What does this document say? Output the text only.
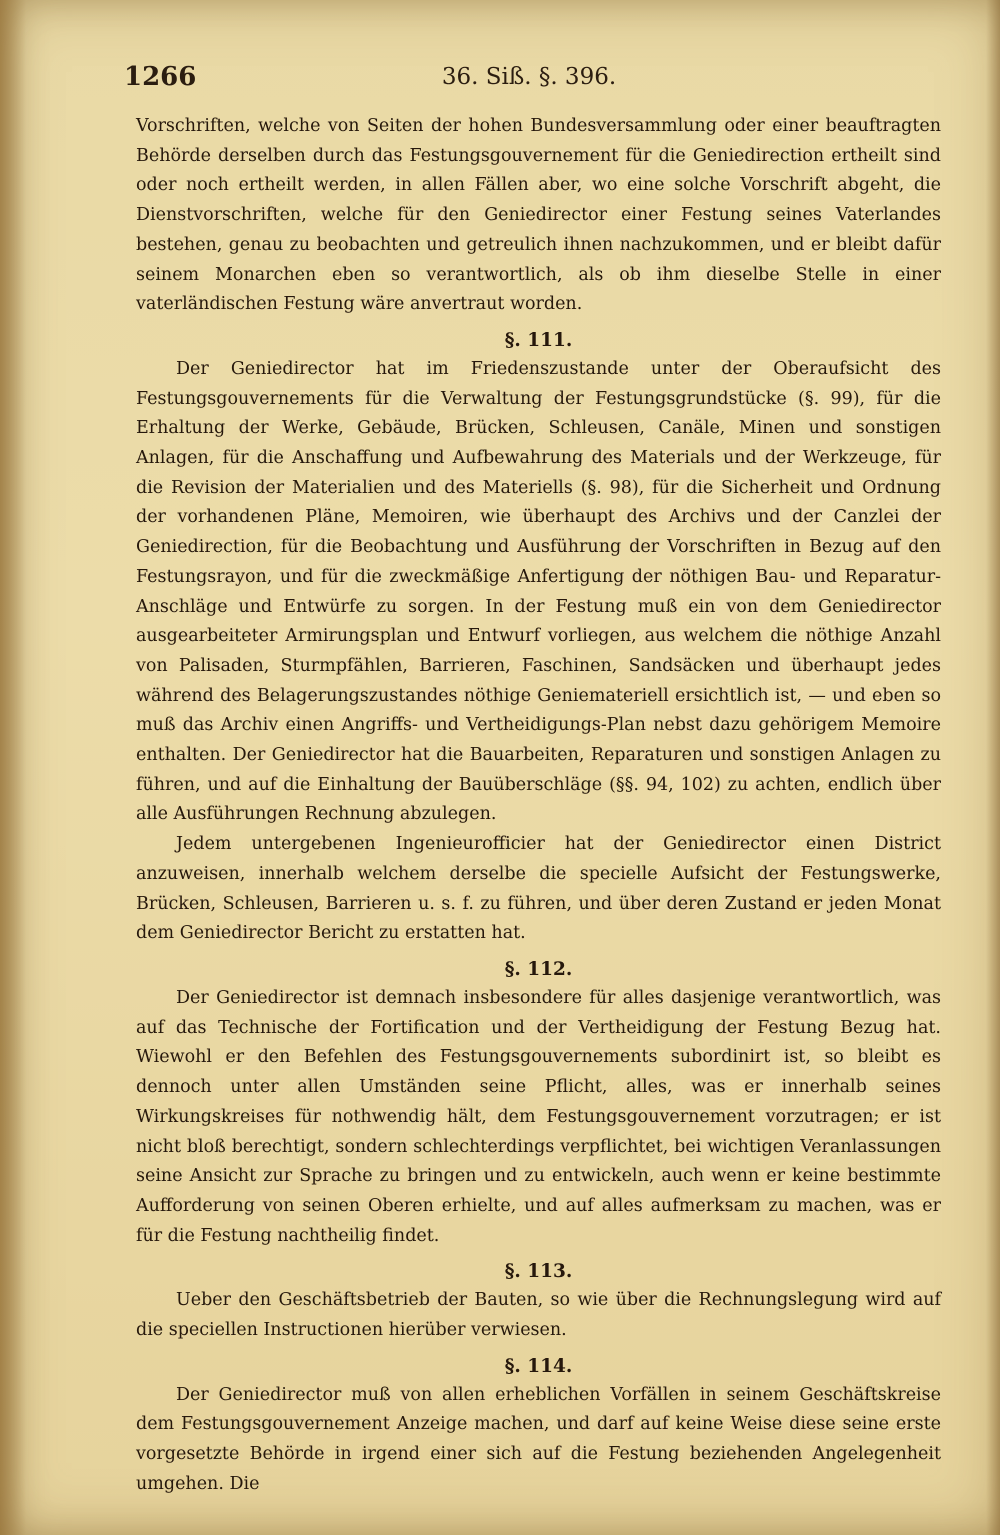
1266	36. Siß. §. 396.

Vorschriften, welche von Seiten der hohen Bundesversammlung oder einer beauftragten Behörde derselben durch das Festungsgouvernement für die Geniedirection ertheilt sind oder noch ertheilt werden, in allen Fällen aber, wo eine solche Vorschrift abgeht, die Dienstvorschriften, welche für den Geniedirector einer Festung seines Vaterlandes bestehen, genau zu beobachten und getreulich ihnen nachzukommen, und er bleibt dafür seinem Monarchen eben so verantwortlich, als ob ihm dieselbe Stelle in einer vaterländischen Festung wäre anvertraut worden.

§. 111.

Der Geniedirector hat im Friedenszustande unter der Oberaufsicht des Festungsgouvernements für die Verwaltung der Festungsgrundstücke (§. 99), für die Erhaltung der Werke, Gebäude, Brücken, Schleusen, Canäle, Minen und sonstigen Anlagen, für die Anschaffung und Aufbewahrung des Materials und der Werkzeuge, für die Revision der Materialien und des Materiells (§. 98), für die Sicherheit und Ordnung der vorhandenen Pläne, Memoiren, wie überhaupt des Archivs und der Canzlei der Geniedirection, für die Beobachtung und Ausführung der Vorschriften in Bezug auf den Festungsrayon, und für die zweckmäßige Anfertigung der nöthigen Bau- und Reparatur-Anschläge und Entwürfe zu sorgen. In der Festung muß ein von dem Geniedirector ausgearbeiteter Armirungsplan und Entwurf vorliegen, aus welchem die nöthige Anzahl von Palisaden, Sturmpfählen, Barrieren, Faschinen, Sandsäcken und überhaupt jedes während des Belagerungszustandes nöthige Geniemateriell ersichtlich ist, — und eben so muß das Archiv einen Angriffs- und Vertheidigungs-Plan nebst dazu gehörigem Memoire enthalten. Der Geniedirector hat die Bauarbeiten, Reparaturen und sonstigen Anlagen zu führen, und auf die Einhaltung der Bauüberschläge (§§. 94, 102) zu achten, endlich über alle Ausführungen Rechnung abzulegen.

Jedem untergebenen Ingenieurofficier hat der Geniedirector einen District anzuweisen, innerhalb welchem derselbe die specielle Aufsicht der Festungswerke, Brücken, Schleusen, Barrieren u. s. f. zu führen, und über deren Zustand er jeden Monat dem Geniedirector Bericht zu erstatten hat.

§. 112.

Der Geniedirector ist demnach insbesondere für alles dasjenige verantwortlich, was auf das Technische der Fortification und der Vertheidigung der Festung Bezug hat. Wiewohl er den Befehlen des Festungsgouvernements subordinirt ist, so bleibt es dennoch unter allen Umständen seine Pflicht, alles, was er innerhalb seines Wirkungskreises für nothwendig hält, dem Festungsgouvernement vorzutragen; er ist nicht bloß berechtigt, sondern schlechterdings verpflichtet, bei wichtigen Veranlassungen seine Ansicht zur Sprache zu bringen und zu entwickeln, auch wenn er keine bestimmte Aufforderung von seinen Oberen erhielte, und auf alles aufmerksam zu machen, was er für die Festung nachtheilig findet.

§. 113.

Ueber den Geschäftsbetrieb der Bauten, so wie über die Rechnungslegung wird auf die speciellen Instructionen hierüber verwiesen.

§. 114.

Der Geniedirector muß von allen erheblichen Vorfällen in seinem Geschäftskreise dem Festungsgouvernement Anzeige machen, und darf auf keine Weise diese seine erste vorgesetzte Behörde in irgend einer sich auf die Festung beziehenden Angelegenheit umgehen. Die
